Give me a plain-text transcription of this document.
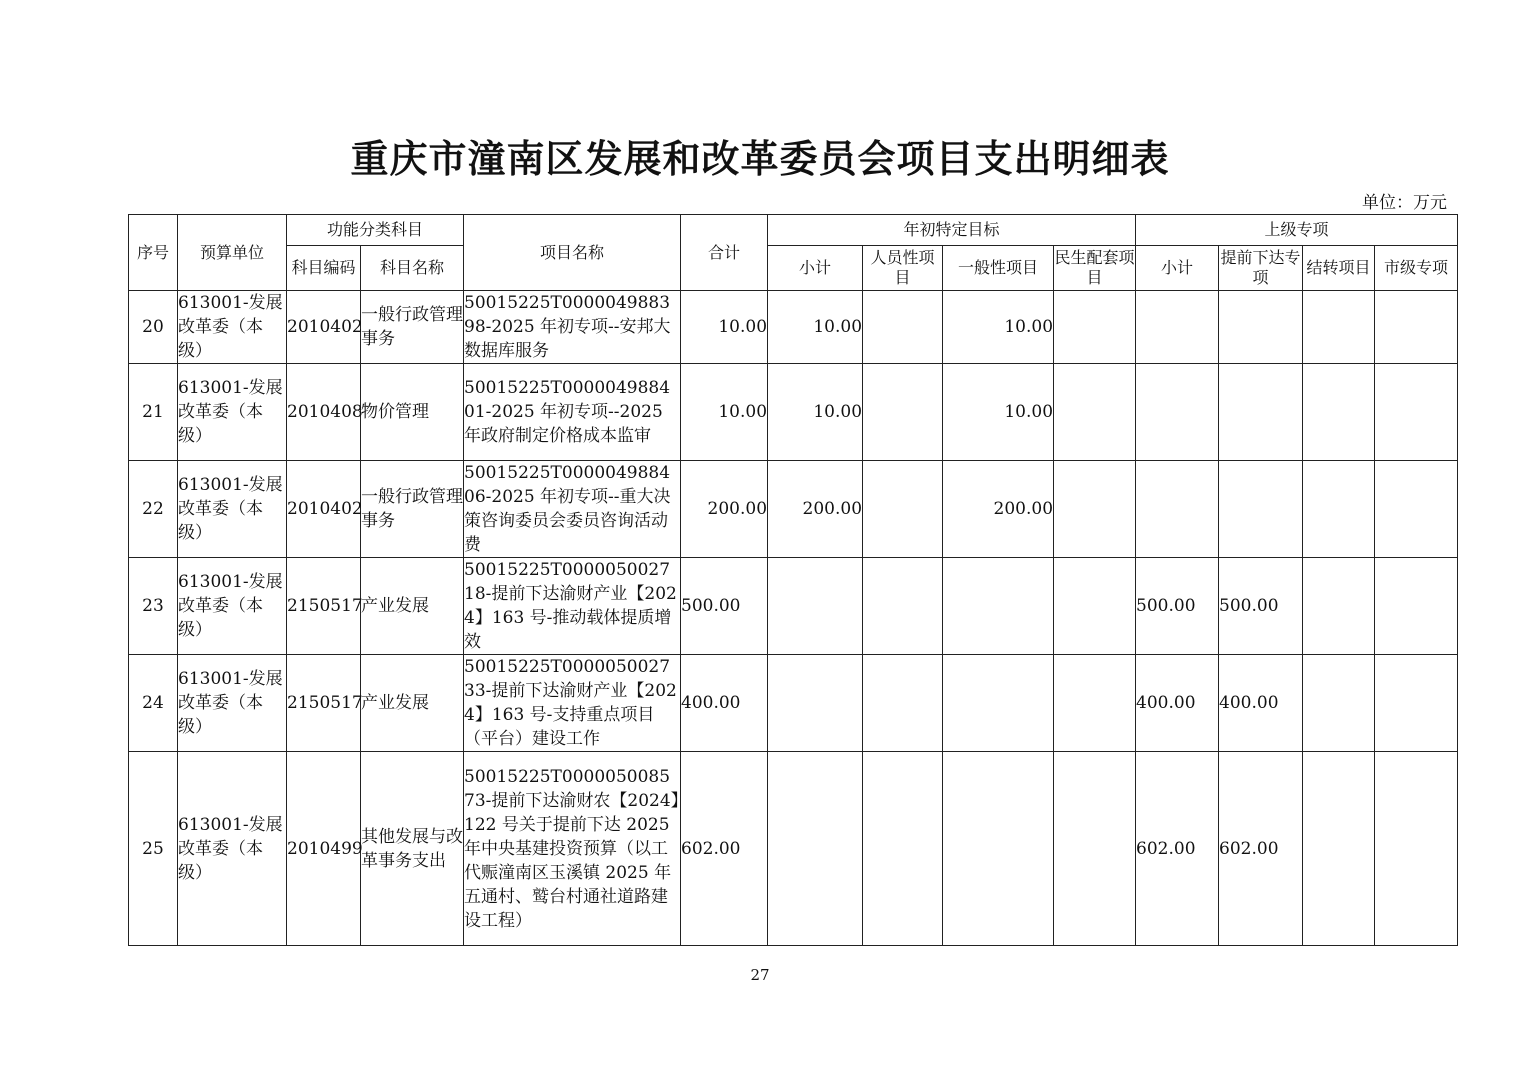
重庆市潼南区发展和改革委员会项目支出明细表
单位：万元
序号	预算单位	功能分类科目		项目名称	合计	年初特定目标				上级专项			
		科目编码	科目名称			小计	人员性项目	一般性项目	民生配套项目	小计	提前下达专项	结转项目	市级专项
20	613001-发展改革委（本级）	2010402	一般行政管理事务	50015225T000004988398-2025 年初专项--安邦大数据库服务	10.00	10.00		10.00					
21	613001-发展改革委（本级）	2010408	物价管理	50015225T000004988401-2025 年初专项--2025 年政府制定价格成本监审	10.00	10.00		10.00					
22	613001-发展改革委（本级）	2010402	一般行政管理事务	50015225T000004988406-2025 年初专项--重大决策咨询委员会委员咨询活动费	200.00	200.00		200.00					
23	613001-发展改革委（本级）	2150517	产业发展	50015225T000005002718-提前下达渝财产业【2024】163 号-推动载体提质增效	500.00					500.00	500.00		
24	613001-发展改革委（本级）	2150517	产业发展	50015225T000005002733-提前下达渝财产业【2024】163 号-支持重点项目（平台）建设工作	400.00					400.00	400.00		
25	613001-发展改革委（本级）	2010499	其他发展与改革事务支出	50015225T000005008573-提前下达渝财农【2024】122 号关于提前下达 2025 年中央基建投资预算（以工代赈潼南区玉溪镇 2025 年五通村、鹫台村通社道路建设工程）	602.00					602.00	602.00		
27
